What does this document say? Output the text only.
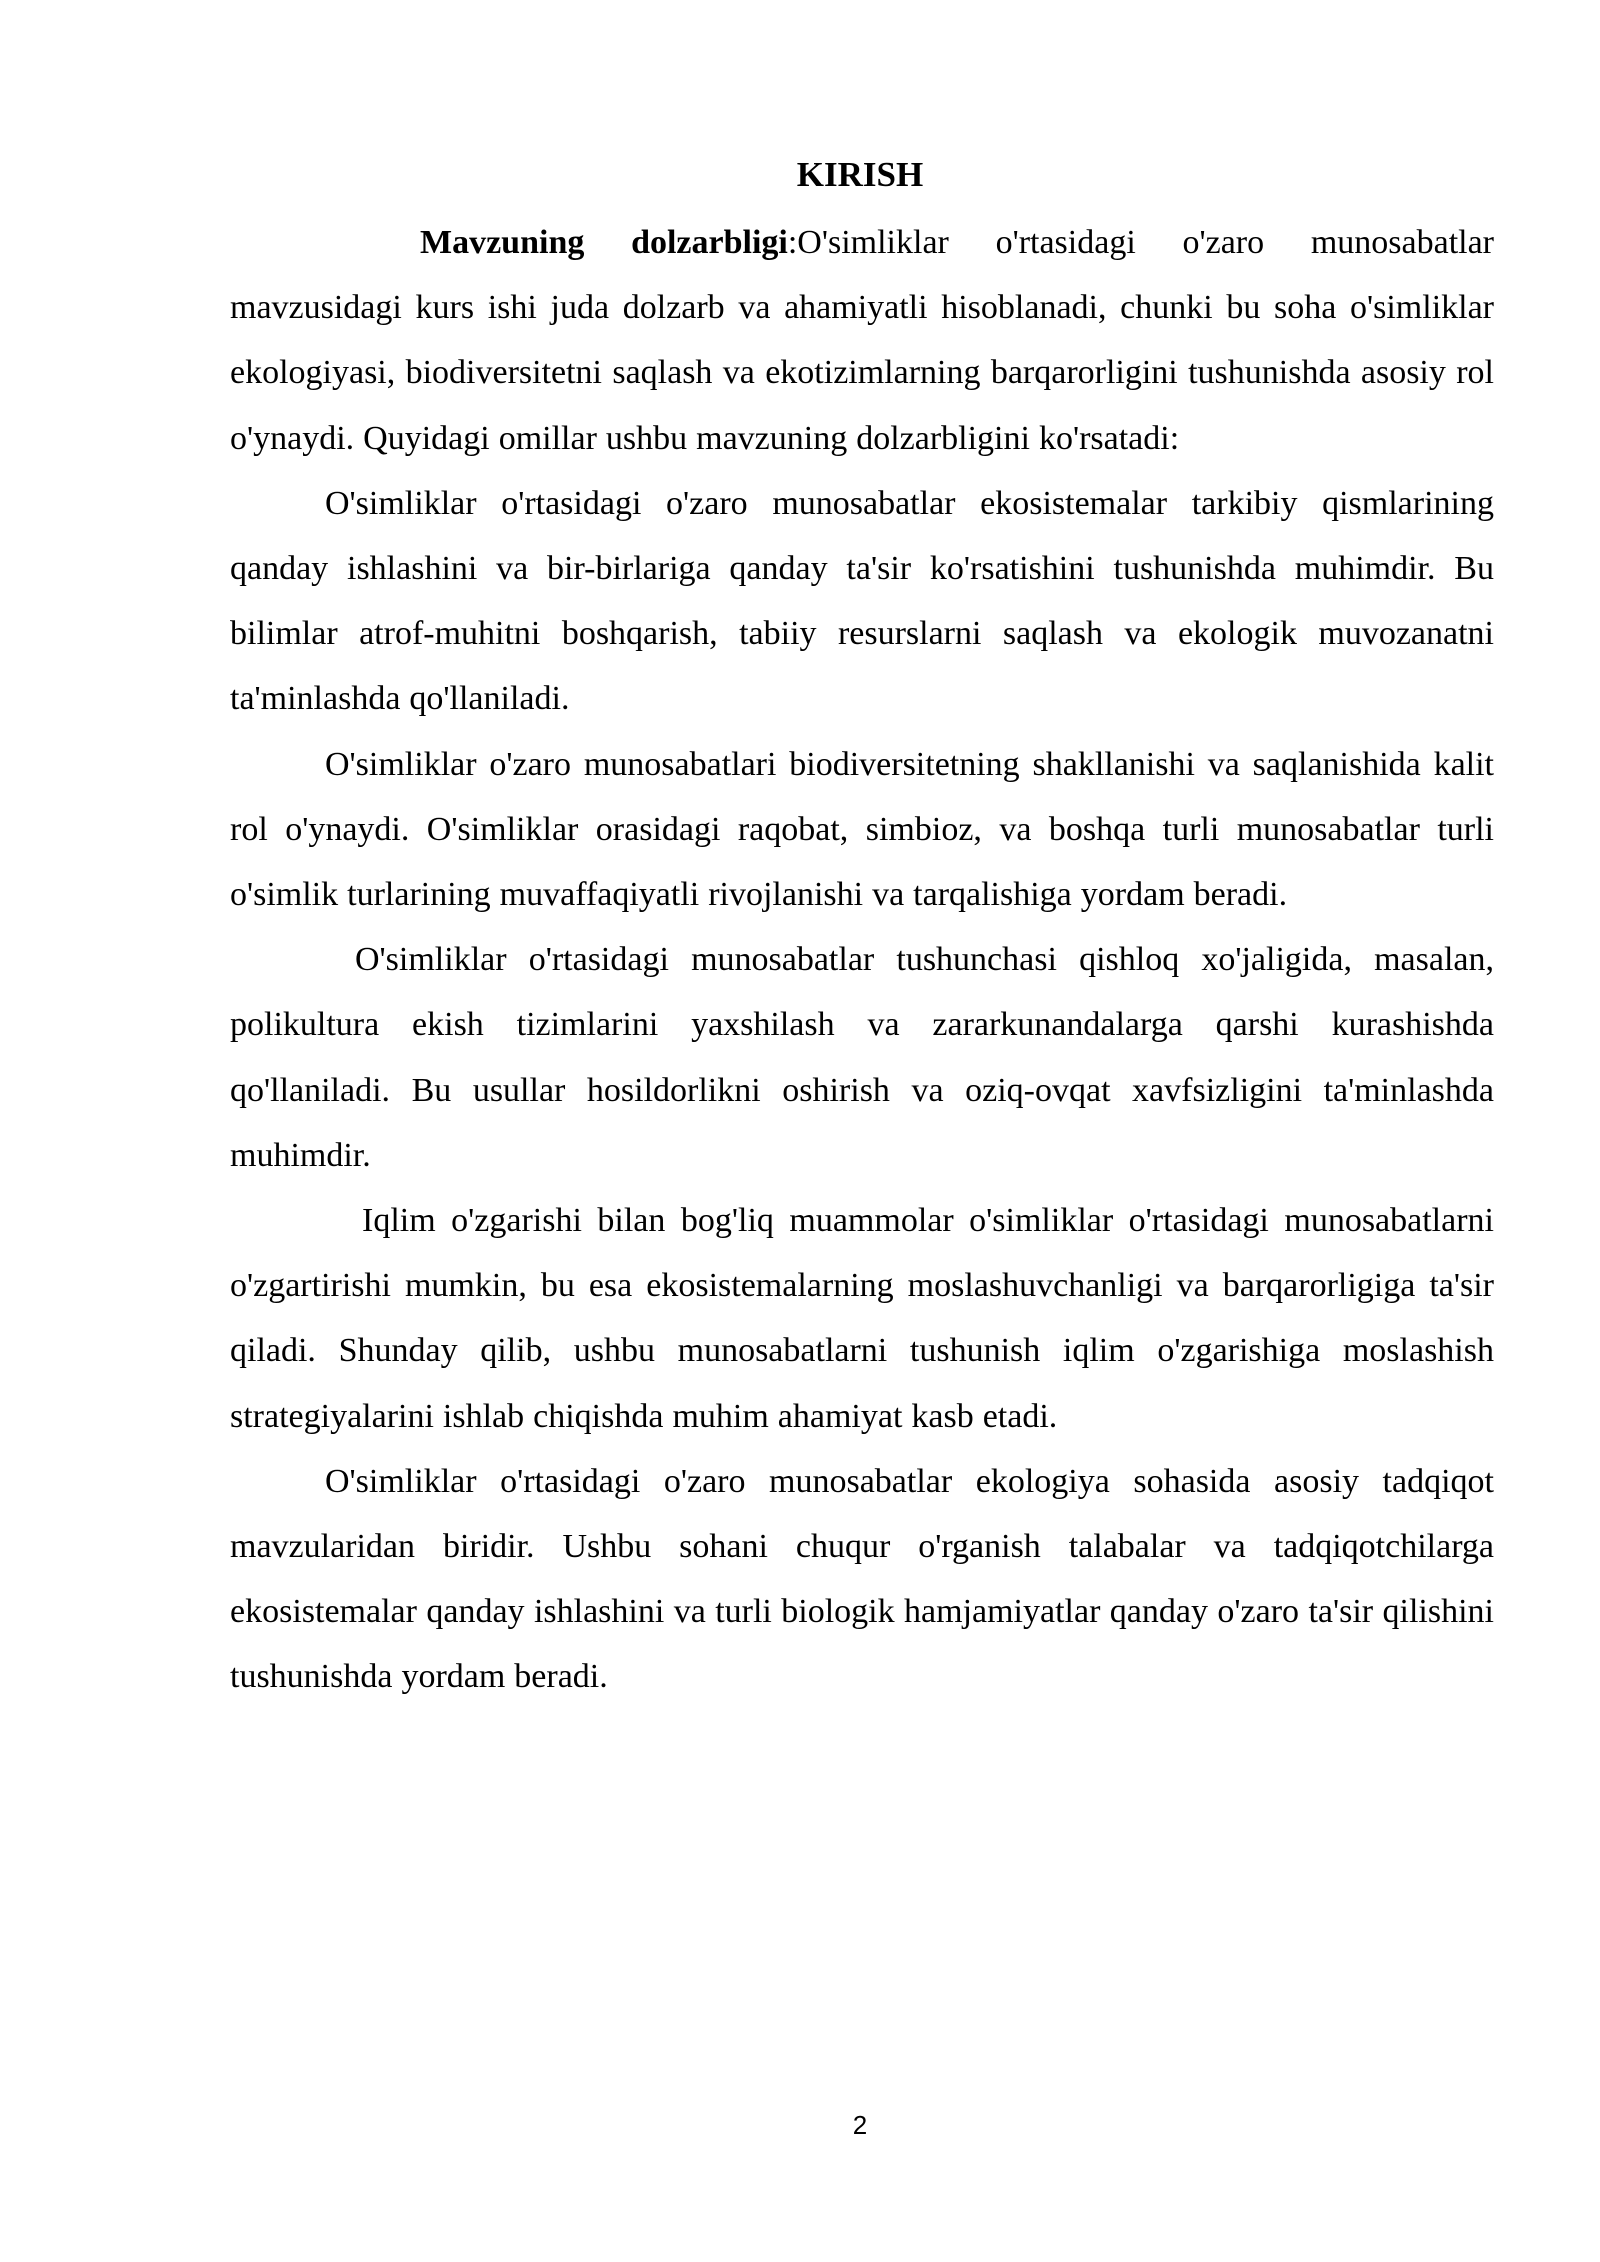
KIRISH

Mavzuning dolzarbligi:O'simliklar o'rtasidagi o'zaro munosabatlar mavzusidagi kurs ishi juda dolzarb va ahamiyatli hisoblanadi, chunki bu soha o'simliklar ekologiyasi, biodiversitetni saqlash va ekotizimlarning barqarorligini tushunishda asosiy rol o'ynaydi. Quyidagi omillar ushbu mavzuning dolzarbligini ko'rsatadi:

O'simliklar o'rtasidagi o'zaro munosabatlar ekosistemalar tarkibiy qismlarining qanday ishlashini va bir-birlariga qanday ta'sir ko'rsatishini tushunishda muhimdir. Bu bilimlar atrof-muhitni boshqarish, tabiiy resurslarni saqlash va ekologik muvozanatni ta'minlashda qo'llaniladi.

O'simliklar o'zaro munosabatlari biodiversitetning shakllanishi va saqlanishida kalit rol o'ynaydi. O'simliklar orasidagi raqobat, simbioz, va boshqa turli munosabatlar turli o'simlik turlarining muvaffaqiyatli rivojlanishi va tarqalishiga yordam beradi.

O'simliklar o'rtasidagi munosabatlar tushunchasi qishloq xo'jaligida, masalan, polikultura ekish tizimlarini yaxshilash va zararkunandalarga qarshi kurashishda qo'llaniladi. Bu usullar hosildorlikni oshirish va oziq-ovqat xavfsizligini ta'minlashda muhimdir.

Iqlim o'zgarishi bilan bog'liq muammolar o'simliklar o'rtasidagi munosabatlarni o'zgartirishi mumkin, bu esa ekosistemalarning moslashuvchanligi va barqarorligiga ta'sir qiladi. Shunday qilib, ushbu munosabatlarni tushunish iqlim o'zgarishiga moslashish strategiyalarini ishlab chiqishda muhim ahamiyat kasb etadi.

O'simliklar o'rtasidagi o'zaro munosabatlar ekologiya sohasida asosiy tadqiqot mavzularidan biridir. Ushbu sohani chuqur o'rganish talabalar va tadqiqotchilarga ekosistemalar qanday ishlashini va turli biologik hamjamiyatlar qanday o'zaro ta'sir qilishini tushunishda yordam beradi.

2
